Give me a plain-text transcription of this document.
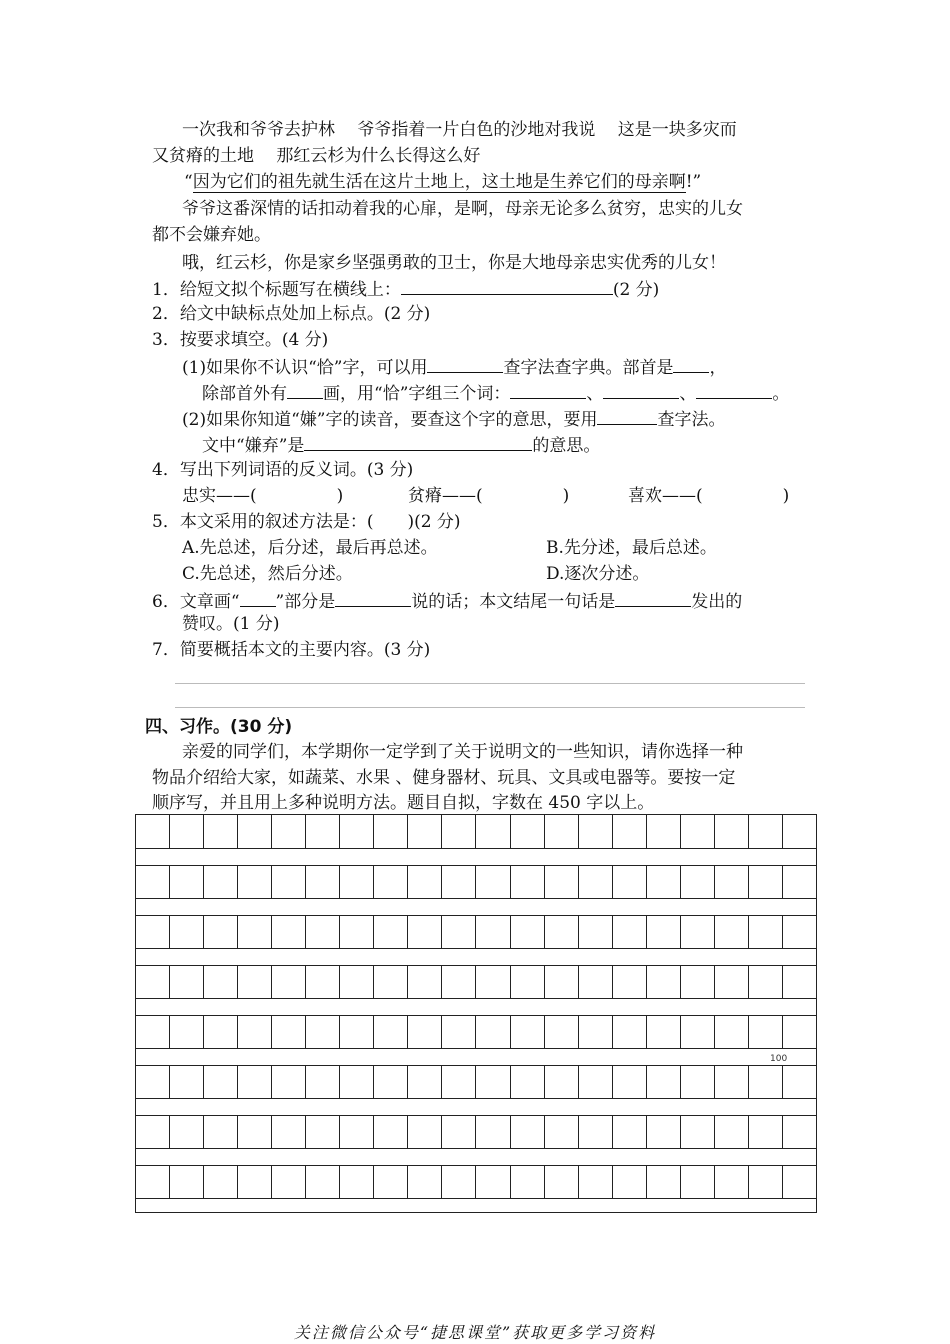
一次我和爷爷去护林　 爷爷指着一片白色的沙地对我说　 这是一块多灾而
又贫瘠的土地　 那红云杉为什么长得这么好
“因为它们的祖先就生活在这片土地上，这土地是生养它们的母亲啊!”
爷爷这番深情的话扣动着我的心扉，是啊，母亲无论多么贫穷，忠实的儿女
都不会嫌弃她。
哦，红云杉，你是家乡坚强勇敢的卫士，你是大地母亲忠实优秀的儿女！
1．给短文拟个标题写在横线上：	(2 分)
2．给文中缺标点处加上标点。(2 分)
3．按要求填空。(4 分)
(1)如果你不认识“恰”字，可以用	查字法查字典。部首是 ，
除部首外有 画，用“恰”字组三个词：	、	、	。
(2)如果你知道“嫌”字的读音，要查这个字的意思，要用	查字法。
文中“嫌弃”是	的意思。
4．写出下列词语的反义词。(3 分)
忠实——(	)	贫瘠——(	)	喜欢——(	)
5．本文采用的叙述方法是：(　　)(2 分)
A.先总述，后分述，最后再总述。	B.先分述，最后总述。
C.先总述，然后分述。	D.逐次分述。
6．文章画“ ”部分是	说的话；本文结尾一句话是	发出的
赞叹。(1 分)
7．简要概括本文的主要内容。(3 分)
四、习作。(30 分)
亲爱的同学们，本学期你一定学到了关于说明文的一些知识，请你选择一种
物品介绍给大家，如蔬菜、水果 、健身器材、玩具、文具或电器等。要按一定
顺序写，并且用上多种说明方法。题目自拟，字数在 450 字以上。
100
关注微信公众号“捷思课堂”获取更多学习资料
